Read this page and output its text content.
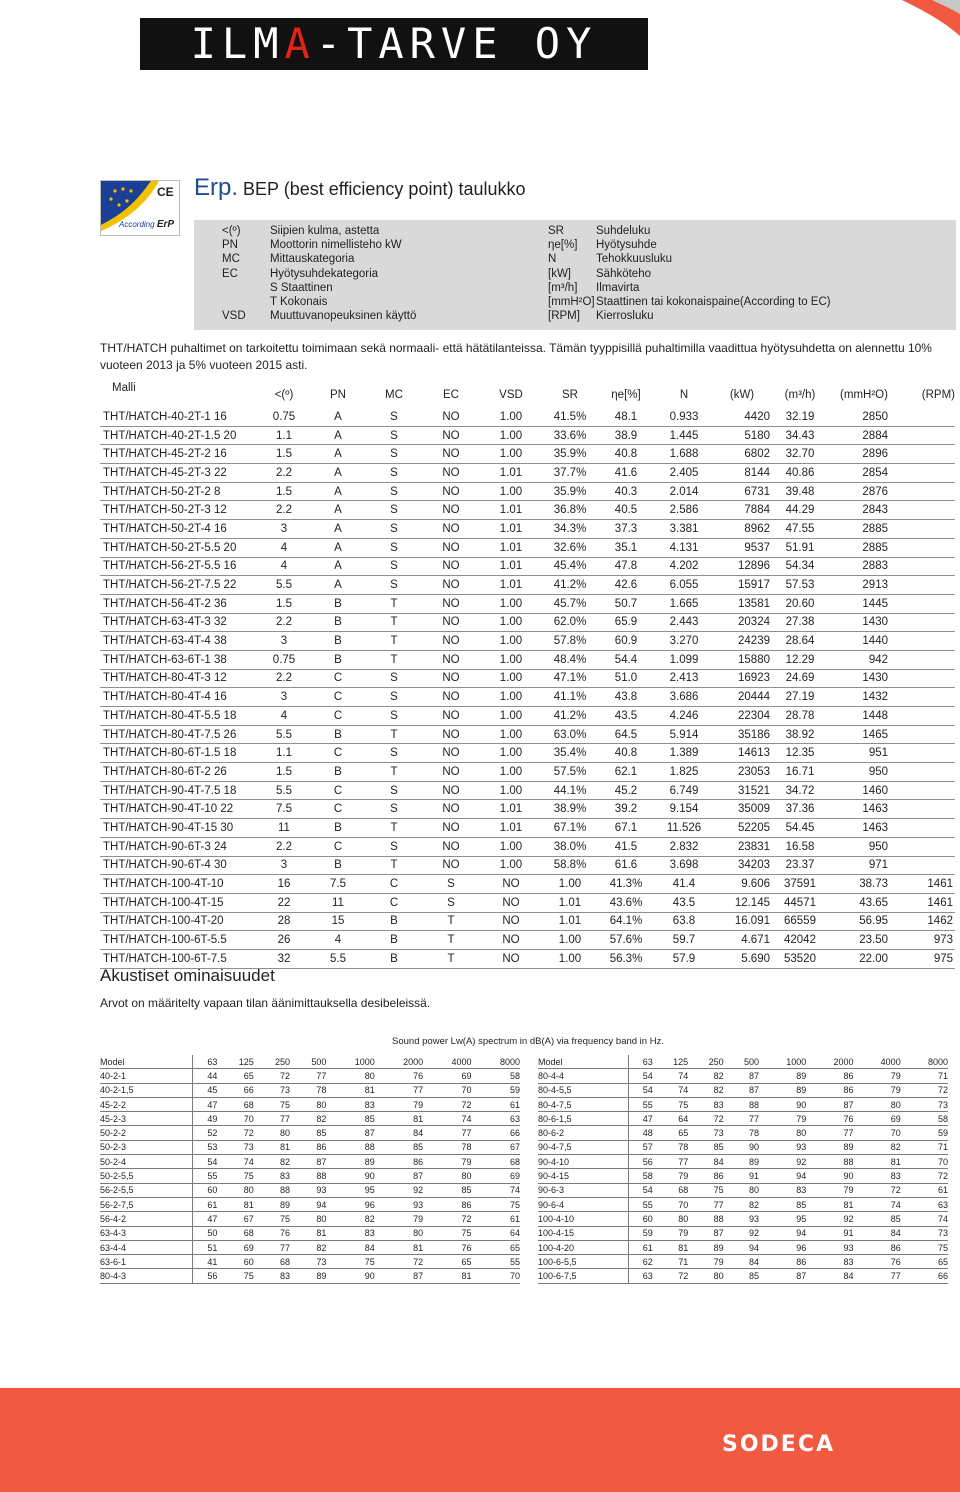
ILMA-TARVE OY
CE
According ErP
Erp. BEP (best efficiency point) taulukko
<(º)	Siipien kulma, astetta
PN	Moottorin nimellisteho kW
MC	Mittauskategoria
EC	Hyötysuhdekategoria
S Staattinen
T Kokonais
VSD Muuttuvanopeuksinen käyttö
SR	Suhdeluku
ηe[%] Hyötysuhde
N	Tehokkuusluku
[kW] Sähköteho
[m³/h] Ilmavirta
[mmH²O] Staattinen tai kokonaispaine(According to EC)
[RPM] Kierrosluku
THT/HATCH puhaltimet on tarkoitettu toimimaan sekä normaali- että hätätilanteissa. Tämän tyyppisillä puhaltimilla vaadittua hyötysuhdetta on alennettu 10% vuoteen 2013 ja 5% vuoteen 2015 asti.
Malli	<(º)	PN	MC	EC	VSD	SR	ηe[%]	N	(kW)	(m³/h)	(mmH²O)	(RPM)
THT/HATCH-40-2T-1 16	0.75	A	S	NO	1.00	41.5%	48.1	0.933	4420	32.19	2850	
THT/HATCH-40-2T-1.5 20	1.1	A	S	NO	1.00	33.6%	38.9	1.445	5180	34.43	2884	
THT/HATCH-45-2T-2 16	1.5	A	S	NO	1.00	35.9%	40.8	1.688	6802	32.70	2896	
THT/HATCH-45-2T-3 22	2.2	A	S	NO	1.01	37.7%	41.6	2.405	8144	40.86	2854	
THT/HATCH-50-2T-2 8	1.5	A	S	NO	1.00	35.9%	40.3	2.014	6731	39.48	2876	
THT/HATCH-50-2T-3 12	2.2	A	S	NO	1.01	36.8%	40.5	2.586	7884	44.29	2843	
THT/HATCH-50-2T-4 16	3	A	S	NO	1.01	34.3%	37.3	3.381	8962	47.55	2885	
THT/HATCH-50-2T-5.5 20	4	A	S	NO	1.01	32.6%	35.1	4.131	9537	51.91	2885	
THT/HATCH-56-2T-5.5 16	4	A	S	NO	1.01	45.4%	47.8	4.202	12896	54.34	2883	
THT/HATCH-56-2T-7.5 22	5.5	A	S	NO	1.01	41.2%	42.6	6.055	15917	57.53	2913	
THT/HATCH-56-4T-2 36	1.5	B	T	NO	1.00	45.7%	50.7	1.665	13581	20.60	1445	
THT/HATCH-63-4T-3 32	2.2	B	T	NO	1.00	62.0%	65.9	2.443	20324	27.38	1430	
THT/HATCH-63-4T-4 38	3	B	T	NO	1.00	57.8%	60.9	3.270	24239	28.64	1440	
THT/HATCH-63-6T-1 38	0.75	B	T	NO	1.00	48.4%	54.4	1.099	15880	12.29	942	
THT/HATCH-80-4T-3 12	2.2	C	S	NO	1.00	47.1%	51.0	2.413	16923	24.69	1430	
THT/HATCH-80-4T-4 16	3	C	S	NO	1.00	41.1%	43.8	3.686	20444	27.19	1432	
THT/HATCH-80-4T-5.5 18	4	C	S	NO	1.00	41.2%	43.5	4.246	22304	28.78	1448	
THT/HATCH-80-4T-7.5 26	5.5	B	T	NO	1.00	63.0%	64.5	5.914	35186	38.92	1465	
THT/HATCH-80-6T-1.5 18	1.1	C	S	NO	1.00	35.4%	40.8	1.389	14613	12.35	951	
THT/HATCH-80-6T-2 26	1.5	B	T	NO	1.00	57.5%	62.1	1.825	23053	16.71	950	
THT/HATCH-90-4T-7.5 18	5.5	C	S	NO	1.00	44.1%	45.2	6.749	31521	34.72	1460	
THT/HATCH-90-4T-10 22	7.5	C	S	NO	1.01	38.9%	39.2	9.154	35009	37.36	1463	
THT/HATCH-90-4T-15 30	11	B	T	NO	1.01	67.1%	67.1	11.526	52205	54.45	1463	
THT/HATCH-90-6T-3 24	2.2	C	S	NO	1.00	38.0%	41.5	2.832	23831	16.58	950	
THT/HATCH-90-6T-4 30	3	B	T	NO	1.00	58.8%	61.6	3.698	34203	23.37	971	
THT/HATCH-100-4T-10	16	7.5	C	S	NO	1.00	41.3%	41.4	9.606	37591	38.73	1461
THT/HATCH-100-4T-15	22	11	C	S	NO	1.01	43.6%	43.5	12.145	44571	43.65	1461
THT/HATCH-100-4T-20	28	15	B	T	NO	1.01	64.1%	63.8	16.091	66559	56.95	1462
THT/HATCH-100-6T-5.5	26	4	B	T	NO	1.00	57.6%	59.7	4.671	42042	23.50	973
THT/HATCH-100-6T-7.5	32	5.5	B	T	NO	1.00	56.3%	57.9	5.690	53520	22.00	975
Akustiset ominaisuudet
Arvot on määritelty vapaan tilan äänimittauksella desibeleissä.
Sound power Lw(A) spectrum in dB(A) via frequency band in Hz.
Model	63	125	250	500	1000	2000	4000	8000
40-2-1	44	65	72	77	80	76	69	58
40-2-1,5	45	66	73	78	81	77	70	59
45-2-2	47	68	75	80	83	79	72	61
45-2-3	49	70	77	82	85	81	74	63
50-2-2	52	72	80	85	87	84	77	66
50-2-3	53	73	81	86	88	85	78	67
50-2-4	54	74	82	87	89	86	79	68
50-2-5,5	55	75	83	88	90	87	80	69
56-2-5,5	60	80	88	93	95	92	85	74
56-2-7,5	61	81	89	94	96	93	86	75
56-4-2	47	67	75	80	82	79	72	61
63-4-3	50	68	76	81	83	80	75	64
63-4-4	51	69	77	82	84	81	76	65
63-6-1	41	60	68	73	75	72	65	55
80-4-3	56	75	83	89	90	87	81	70
Model	63	125	250	500	1000	2000	4000	8000
80-4-4	54	74	82	87	89	86	79	71
80-4-5,5	54	74	82	87	89	86	79	72
80-4-7,5	55	75	83	88	90	87	80	73
80-6-1,5	47	64	72	77	79	76	69	58
80-6-2	48	65	73	78	80	77	70	59
90-4-7,5	57	78	85	90	93	89	82	71
90-4-10	56	77	84	89	92	88	81	70
90-4-15	58	79	86	91	94	90	83	72
90-6-3	54	68	75	80	83	79	72	61
90-6-4	55	70	77	82	85	81	74	63
100-4-10	60	80	88	93	95	92	85	74
100-4-15	59	79	87	92	94	91	84	73
100-4-20	61	81	89	94	96	93	86	75
100-6-5,5	62	71	79	84	86	83	76	65
100-6-7,5	63	72	80	85	87	84	77	66
SODECA
